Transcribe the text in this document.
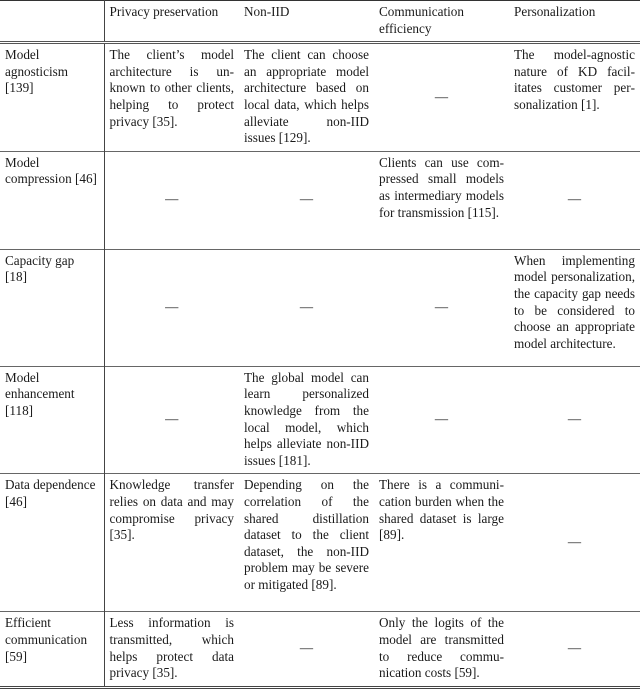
	Privacy preservation	Non-IID	Communication efficiency	Personalization
Model agnosticism [139]	The client’s model architecture is unknown to other clients, helping to protect privacy [35].	The client can choose an appropriate model architecture based on local data, which helps alleviate non-IID issues [129].	—	The model-agnostic nature of KD facilitates customer personalization [1].
Model compression [46]	—	—	Clients can use compressed small models as intermediary models for transmission [115].	—
Capacity gap [18]	—	—	—	When implementing model personalization, the capacity gap needs to be considered to choose an appropriate model architecture.
Model enhancement [118]	—	The global model can learn personalized knowledge from the local model, which helps alleviate non-IID issues [181].	—	—
Data dependence [46]	Knowledge transfer relies on data and may compromise privacy [35].	Depending on the correlation of the shared distillation dataset to the client dataset, the non-IID problem may be severe or mitigated [89].	There is a communication burden when the shared dataset is large [89].	—
Efficient communication [59]	Less information is transmitted, which helps protect data privacy [35].	—	Only the logits of the model are transmitted to reduce communication costs [59].	—
